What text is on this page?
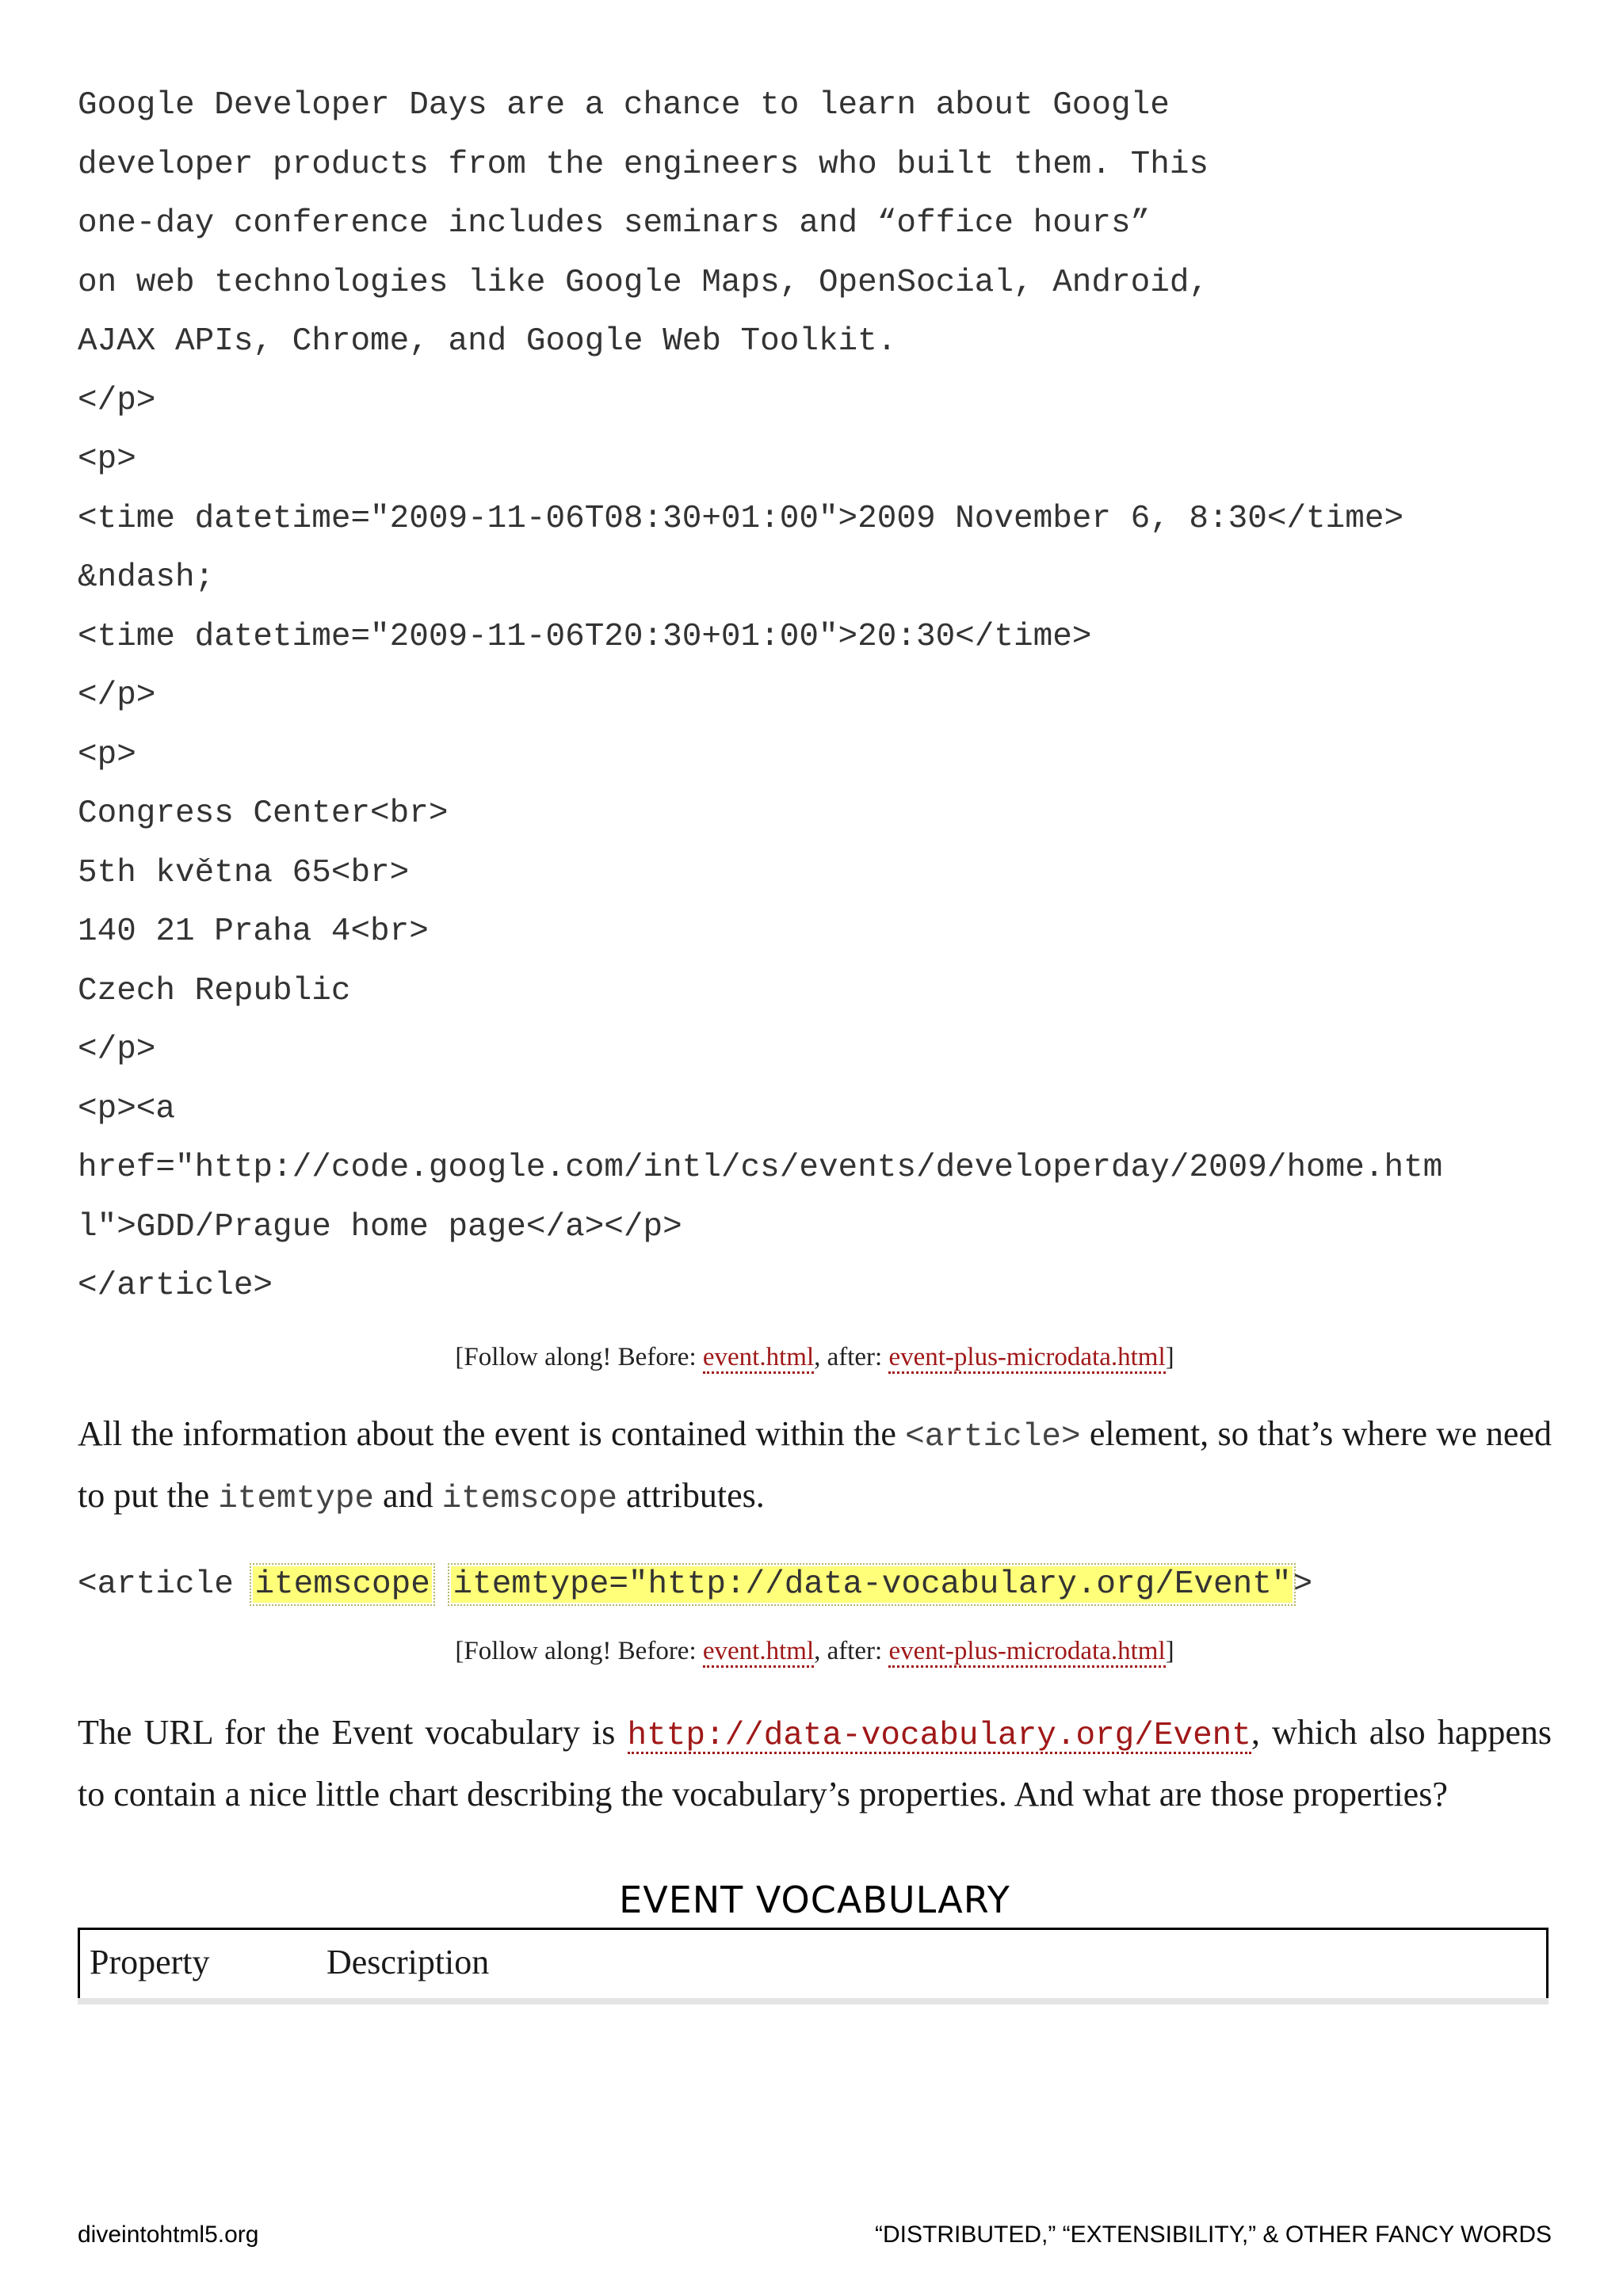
Google Developer Days are a chance to learn about Google
developer products from the engineers who built them. This
one-day conference includes seminars and “office hours”
on web technologies like Google Maps, OpenSocial, Android,
AJAX APIs, Chrome, and Google Web Toolkit.
</p>
<p>
<time datetime="2009-11-06T08:30+01:00">2009 November 6, 8:30</time>
&ndash;
<time datetime="2009-11-06T20:30+01:00">20:30</time>
</p>
<p>
Congress Center<br>
5th května 65<br>
140 21 Praha 4<br>
Czech Republic
</p>
<p><a
href="http://code.google.com/intl/cs/events/developerday/2009/home.htm
l">GDD/Prague home page</a></p>
</article>
[Follow along! Before: event.html, after: event-plus-microdata.html]

All the information about the event is contained within the <article> element, so that’s where we need to put the itemtype and itemscope attributes.

<article itemscope itemtype="http://data-vocabulary.org/Event">
[Follow along! Before: event.html, after: event-plus-microdata.html]

The URL for the Event vocabulary is http://data-vocabulary.org/Event, which also happens to contain a nice little chart describing the vocabulary’s properties. And what are those properties?

EVENT VOCABULARY
Property	Description
diveintohtml5.org	“DISTRIBUTED,” “EXTENSIBILITY,” & OTHER FANCY WORDS
